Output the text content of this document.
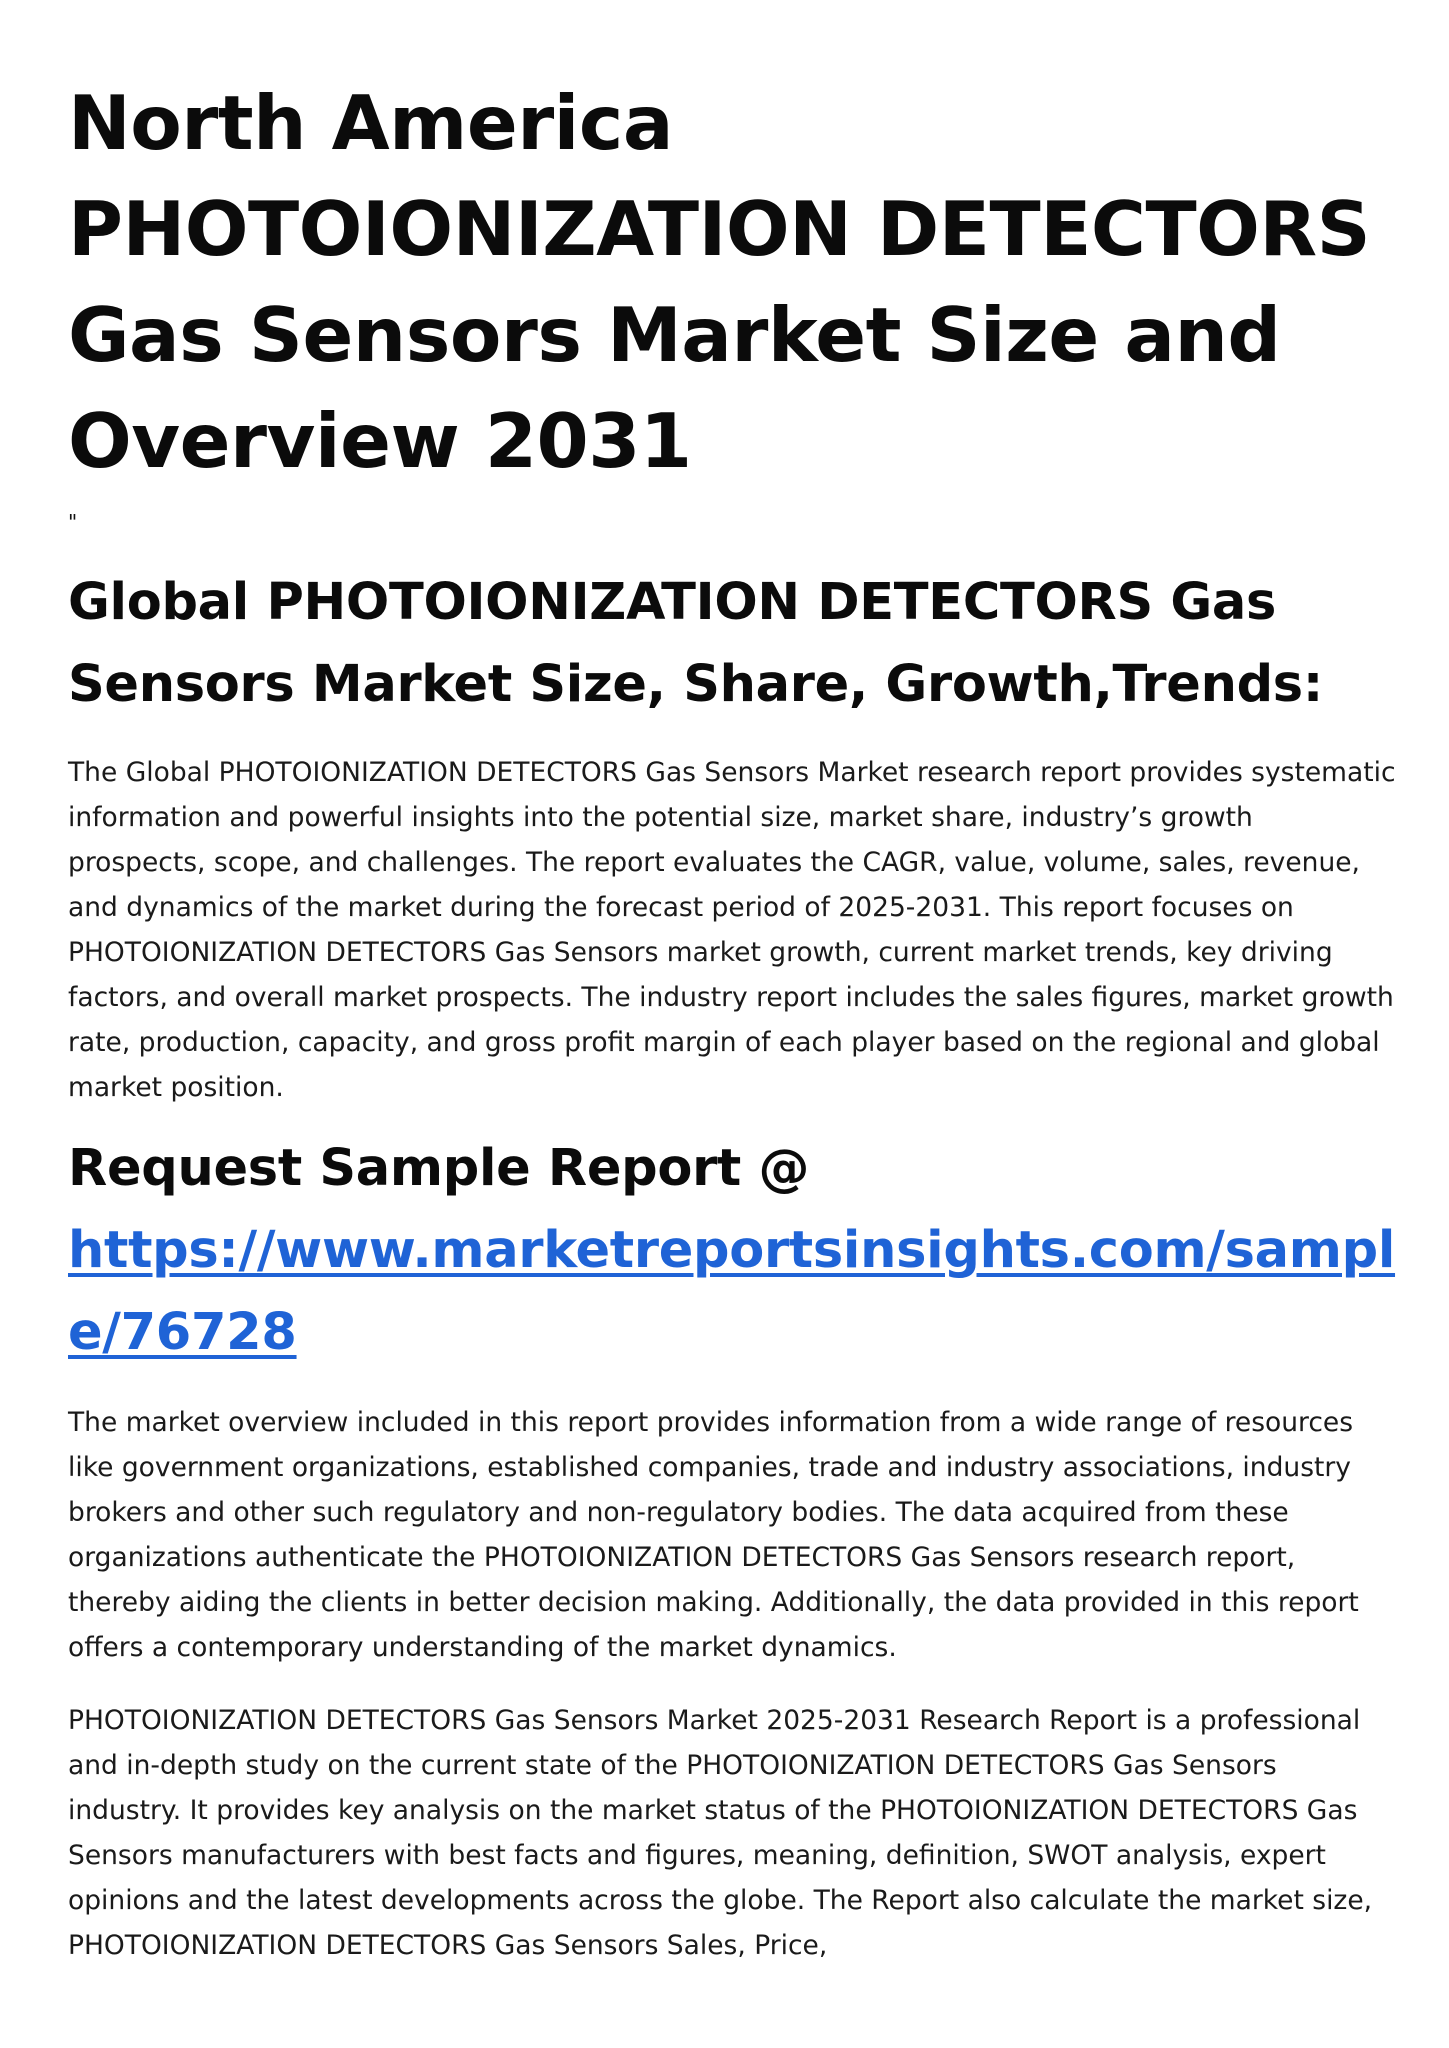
North America PHOTOIONIZATION DETECTORS Gas Sensors Market Size and Overview 2031
"
Global PHOTOIONIZATION DETECTORS Gas Sensors Market Size, Share, Growth,Trends:

The Global PHOTOIONIZATION DETECTORS Gas Sensors Market research report provides systematic information and powerful insights into the potential size, market share, industry’s growth prospects, scope, and challenges. The report evaluates the CAGR, value, volume, sales, revenue, and dynamics of the market during the forecast period of 2025-2031. This report focuses on PHOTOIONIZATION DETECTORS Gas Sensors market growth, current market trends, key driving factors, and overall market prospects. The industry report includes the sales figures, market growth rate, production, capacity, and gross profit margin of each player based on the regional and global market position.

Request Sample Report @
https://www.marketreportsinsights.com/sample/76728

The market overview included in this report provides information from a wide range of resources like government organizations, established companies, trade and industry associations, industry brokers and other such regulatory and non-regulatory bodies. The data acquired from these organizations authenticate the PHOTOIONIZATION DETECTORS Gas Sensors research report, thereby aiding the clients in better decision making. Additionally, the data provided in this report offers a contemporary understanding of the market dynamics.

PHOTOIONIZATION DETECTORS Gas Sensors Market 2025-2031 Research Report is a professional and in-depth study on the current state of the PHOTOIONIZATION DETECTORS Gas Sensors industry. It provides key analysis on the market status of the PHOTOIONIZATION DETECTORS Gas Sensors manufacturers with best facts and figures, meaning, definition, SWOT analysis, expert opinions and the latest developments across the globe. The Report also calculate the market size, PHOTOIONIZATION DETECTORS Gas Sensors Sales, Price,
